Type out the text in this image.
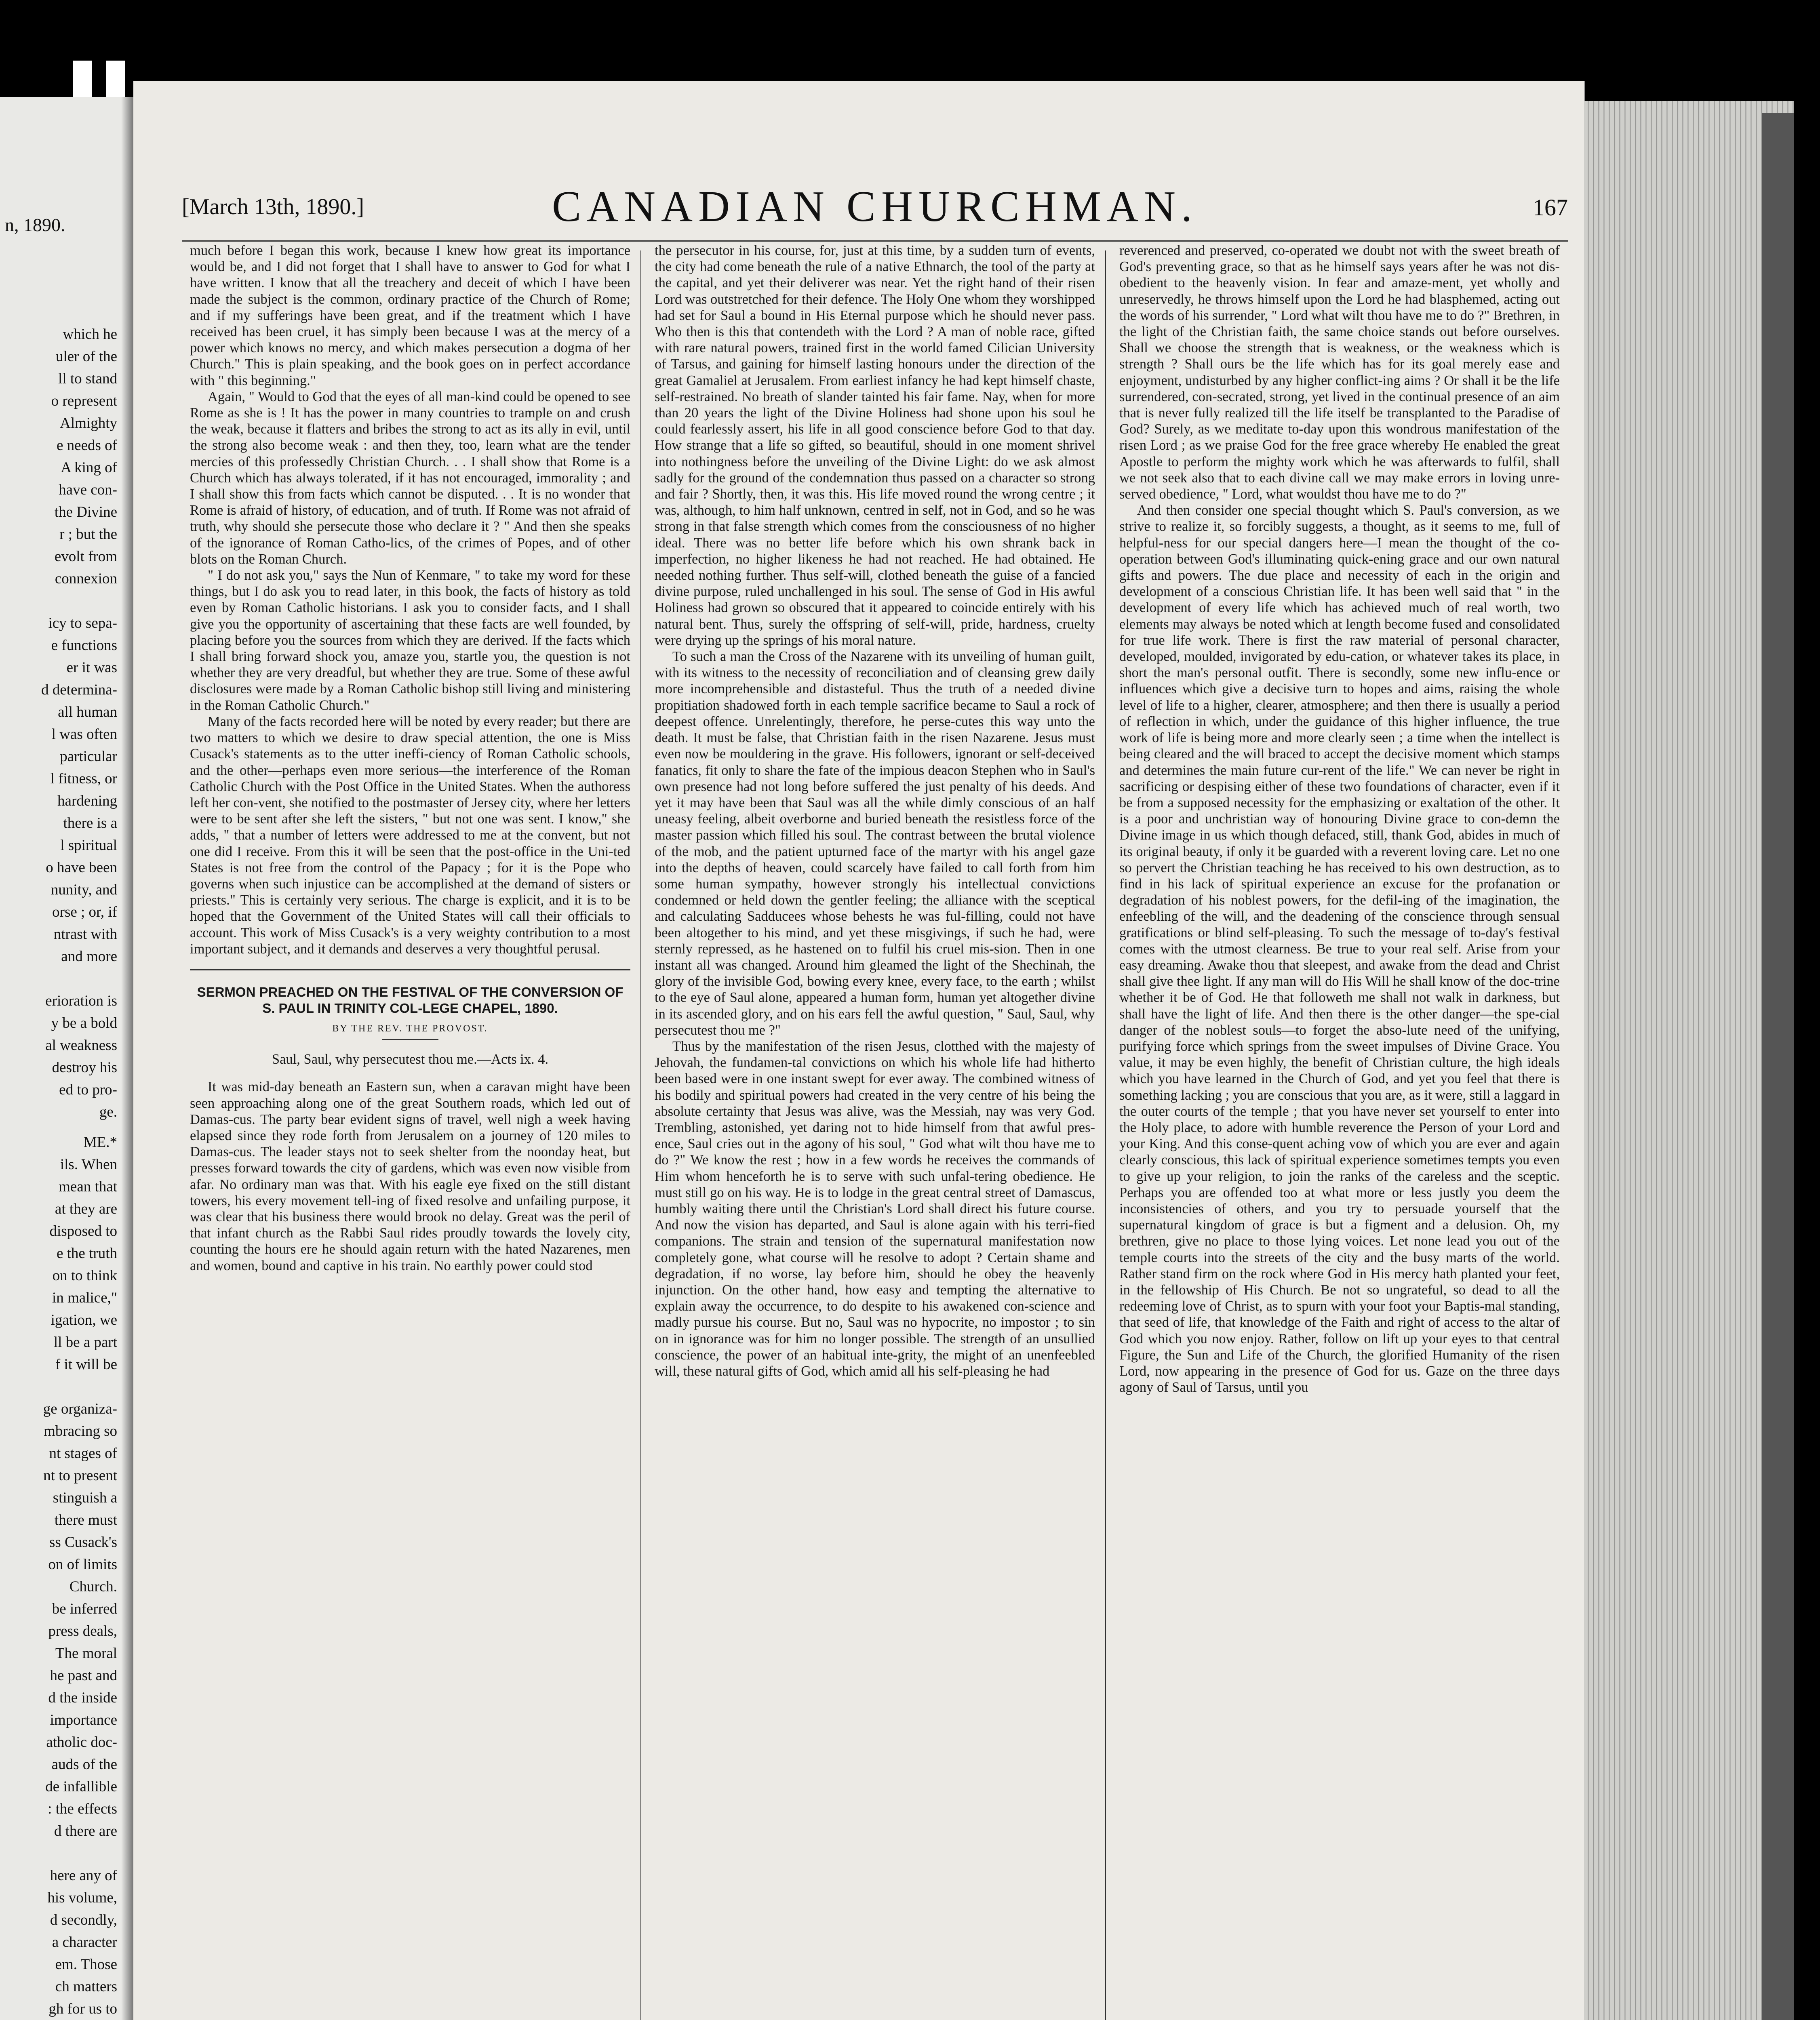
n, 1890.
which he
uler of the
ll to stand
o represent
Almighty
e needs of
A king of
have con-
the Divine
r ; but the
evolt from
connexion

icy to sepa-
e functions
er it was
d determina-
all human
l was often
particular
l fitness, or
hardening
there is a
l spiritual
o have been
nunity, and
orse ; or, if
ntrast with
and more

erioration is
y be a bold
al weakness
destroy his
ed to pro-
ge.
ME.*
ils. When
mean that
at they are
disposed to
e the truth
on to think
in malice,"
igation, we
ll be a part
f it will be

ge organiza-
mbracing so
nt stages of
nt to present
stinguish a
there must
ss Cusack's
on of limits
Church.
be inferred
press deals,
The moral
he past and
d the inside
importance
atholic doc-
auds of the
de infallible
: the effects
d there are

here any of
his volume,
d secondly,
a character
em. Those
ch matters
gh for us to

[March 13th, 1890.]	CANADIAN CHURCHMAN.	167

much before I began this work, because I knew how great its importance would be, and I did not forget that I shall have to answer to God for what I have written. I know that all the treachery and deceit of which I have been made the subject is the common, ordinary practice of the Church of Rome; and if my sufferings have been great, and if the treatment which I have received has been cruel, it has simply been because I was at the mercy of a power which knows no mercy, and which makes persecution a dogma of her Church." This is plain speaking, and the book goes on in perfect accordance with " this beginning."

Again, " Would to God that the eyes of all man-kind could be opened to see Rome as she is ! It has the power in many countries to trample on and crush the weak, because it flatters and bribes the strong to act as its ally in evil, until the strong also become weak : and then they, too, learn what are the tender mercies of this professedly Christian Church. . . I shall show that Rome is a Church which has always tolerated, if it has not encouraged, immorality ; and I shall show this from facts which cannot be disputed. . . It is no wonder that Rome is afraid of history, of education, and of truth. If Rome was not afraid of truth, why should she persecute those who declare it ? " And then she speaks of the ignorance of Roman Catho-lics, of the crimes of Popes, and of other blots on the Roman Church.

" I do not ask you," says the Nun of Kenmare, " to take my word for these things, but I do ask you to read later, in this book, the facts of history as told even by Roman Catholic historians. I ask you to consider facts, and I shall give you the opportunity of ascertaining that these facts are well founded, by placing before you the sources from which they are derived. If the facts which I shall bring forward shock you, amaze you, startle you, the question is not whether they are very dreadful, but whether they are true. Some of these awful disclosures were made by a Roman Catholic bishop still living and ministering in the Roman Catholic Church."

Many of the facts recorded here will be noted by every reader; but there are two matters to which we desire to draw special attention, the one is Miss Cusack's statements as to the utter ineffi-ciency of Roman Catholic schools, and the other—perhaps even more serious—the interference of the Roman Catholic Church with the Post Office in the United States. When the authoress left her con-vent, she notified to the postmaster of Jersey city, where her letters were to be sent after she left the sisters, " but not one was sent. I know," she adds, " that a number of letters were addressed to me at the convent, but not one did I receive. From this it will be seen that the post-office in the Uni-ted States is not free from the control of the Papacy ; for it is the Pope who governs when such injustice can be accomplished at the demand of sisters or priests." This is certainly very serious. The charge is explicit, and it is to be hoped that the Government of the United States will call their officials to account. This work of Miss Cusack's is a very weighty contribution to a most important subject, and it demands and deserves a very thoughtful perusal.

SERMON PREACHED ON THE FESTIVAL OF THE CONVERSION OF S. PAUL IN TRINITY COL-LEGE CHAPEL, 1890.
BY THE REV. THE PROVOST.

Saul, Saul, why persecutest thou me.—Acts ix. 4.

It was mid-day beneath an Eastern sun, when a caravan might have been seen approaching along one of the great Southern roads, which led out of Damas-cus. The party bear evident signs of travel, well nigh a week having elapsed since they rode forth from Jerusalem on a journey of 120 miles to Damas-cus. The leader stays not to seek shelter from the noonday heat, but presses forward towards the city of gardens, which was even now visible from afar. No ordinary man was that. With his eagle eye fixed on the still distant towers, his every movement tell-ing of fixed resolve and unfailing purpose, it was clear that his business there would brook no delay. Great was the peril of that infant church as the Rabbi Saul rides proudly towards the lovely city, counting the hours ere he should again return with the hated Nazarenes, men and women, bound and captive in his train. No earthly power could stod

the persecutor in his course, for, just at this time, by a sudden turn of events, the city had come beneath the rule of a native Ethnarch, the tool of the party at the capital, and yet their deliverer was near. Yet the right hand of their risen Lord was outstretched for their defence. The Holy One whom they worshipped had set for Saul a bound in His Eternal purpose which he should never pass. Who then is this that contendeth with the Lord ? A man of noble race, gifted with rare natural powers, trained first in the world famed Cilician University of Tarsus, and gaining for himself lasting honours under the direction of the great Gamaliel at Jerusalem. From earliest infancy he had kept himself chaste, self-restrained. No breath of slander tainted his fair fame. Nay, when for more than 20 years the light of the Divine Holiness had shone upon his soul he could fearlessly assert, his life in all good conscience before God to that day. How strange that a life so gifted, so beautiful, should in one moment shrivel into nothingness before the unveiling of the Divine Light: do we ask almost sadly for the ground of the condemnation thus passed on a character so strong and fair ? Shortly, then, it was this. His life moved round the wrong centre ; it was, although, to him half unknown, centred in self, not in God, and so he was strong in that false strength which comes from the consciousness of no higher ideal. There was no better life before which his own shrank back in imperfection, no higher likeness he had not reached. He had obtained. He needed nothing further. Thus self-will, clothed beneath the guise of a fancied divine purpose, ruled unchallenged in his soul. The sense of God in His awful Holiness had grown so obscured that it appeared to coincide entirely with his natural bent. Thus, surely the offspring of self-will, pride, hardness, cruelty were drying up the springs of his moral nature.

To such a man the Cross of the Nazarene with its unveiling of human guilt, with its witness to the necessity of reconciliation and of cleansing grew daily more incomprehensible and distasteful. Thus the truth of a needed divine propitiation shadowed forth in each temple sacrifice became to Saul a rock of deepest offence. Unrelentingly, therefore, he perse-cutes this way unto the death. It must be false, that Christian faith in the risen Nazarene. Jesus must even now be mouldering in the grave. His followers, ignorant or self-deceived fanatics, fit only to share the fate of the impious deacon Stephen who in Saul's own presence had not long before suffered the just penalty of his deeds. And yet it may have been that Saul was all the while dimly conscious of an half uneasy feeling, albeit overborne and buried beneath the resistless force of the master passion which filled his soul. The contrast between the brutal violence of the mob, and the patient upturned face of the martyr with his angel gaze into the depths of heaven, could scarcely have failed to call forth from him some human sympathy, however strongly his intellectual convictions condemned or held down the gentler feeling; the alliance with the sceptical and calculating Sadducees whose behests he was ful-filling, could not have been altogether to his mind, and yet these misgivings, if such he had, were sternly repressed, as he hastened on to fulfil his cruel mis-sion. Then in one instant all was changed. Around him gleamed the light of the Shechinah, the glory of the invisible God, bowing every knee, every face, to the earth ; whilst to the eye of Saul alone, appeared a human form, human yet altogether divine in its ascended glory, and on his ears fell the awful question, " Saul, Saul, why persecutest thou me ?"

Thus by the manifestation of the risen Jesus, clotthed with the majesty of Jehovah, the fundamen-tal convictions on which his whole life had hitherto been based were in one instant swept for ever away. The combined witness of his bodily and spiritual powers had created in the very centre of his being the absolute certainty that Jesus was alive, was the Messiah, nay was very God. Trembling, astonished, yet daring not to hide himself from that awful pres-ence, Saul cries out in the agony of his soul, " God what wilt thou have me to do ?" We know the rest ; how in a few words he receives the commands of Him whom henceforth he is to serve with such unfal-tering obedience. He must still go on his way. He is to lodge in the great central street of Damascus, humbly waiting there until the Christian's Lord shall direct his future course. And now the vision has departed, and Saul is alone again with his terri-fied companions. The strain and tension of the supernatural manifestation now completely gone, what course will he resolve to adopt ? Certain shame and degradation, if no worse, lay before him, should he obey the heavenly injunction. On the other hand, how easy and tempting the alternative to explain away the occurrence, to do despite to his awakened con-science and madly pursue his course. But no, Saul was no hypocrite, no impostor ; to sin on in ignorance was for him no longer possible. The strength of an unsullied conscience, the power of an habitual inte-grity, the might of an unenfeebled will, these natural gifts of God, which amid all his self-pleasing he had

reverenced and preserved, co-operated we doubt not with the sweet breath of God's preventing grace, so that as he himself says years after he was not dis-obedient to the heavenly vision. In fear and amaze-ment, yet wholly and unreservedly, he throws himself upon the Lord he had blasphemed, acting out the words of his surrender, " Lord what wilt thou have me to do ?" Brethren, in the light of the Christian faith, the same choice stands out before ourselves. Shall we choose the strength that is weakness, or the weakness which is strength ? Shall ours be the life which has for its goal merely ease and enjoyment, undisturbed by any higher conflict-ing aims ? Or shall it be the life surrendered, con-secrated, strong, yet lived in the continual presence of an aim that is never fully realized till the life itself be transplanted to the Paradise of God? Surely, as we meditate to-day upon this wondrous manifestation of the risen Lord ; as we praise God for the free grace whereby He enabled the great Apostle to perform the mighty work which he was afterwards to fulfil, shall we not seek also that to each divine call we may make errors in loving unre-served obedience, " Lord, what wouldst thou have me to do ?"

And then consider one special thought which S. Paul's conversion, as we strive to realize it, so forcibly suggests, a thought, as it seems to me, full of helpful-ness for our special dangers here—I mean the thought of the co-operation between God's illuminating quick-ening grace and our own natural gifts and powers. The due place and necessity of each in the origin and development of a conscious Christian life. It has been well said that " in the development of every life which has achieved much of real worth, two elements may always be noted which at length become fused and consolidated for true life work. There is first the raw material of personal character, developed, moulded, invigorated by edu-cation, or whatever takes its place, in short the man's personal outfit. There is secondly, some new influ-ence or influences which give a decisive turn to hopes and aims, raising the whole level of life to a higher, clearer, atmosphere; and then there is usually a period of reflection in which, under the guidance of this higher influence, the true work of life is being more and more clearly seen ; a time when the intellect is being cleared and the will braced to accept the decisive moment which stamps and determines the main future cur-rent of the life." We can never be right in sacrificing or despising either of these two foundations of character, even if it be from a supposed necessity for the emphasizing or exaltation of the other. It is a poor and unchristian way of honouring Divine grace to con-demn the Divine image in us which though defaced, still, thank God, abides in much of its original beauty, if only it be guarded with a reverent loving care. Let no one so pervert the Christian teaching he has received to his own destruction, as to find in his lack of spiritual experience an excuse for the profanation or degradation of his noblest powers, for the defil-ing of the imagination, the enfeebling of the will, and the deadening of the conscience through sensual gratifications or blind self-pleasing. To such the message of to-day's festival comes with the utmost clearness. Be true to your real self. Arise from your easy dreaming. Awake thou that sleepest, and awake from the dead and Christ shall give thee light. If any man will do His Will he shall know of the doc-trine whether it be of God. He that followeth me shall not walk in darkness, but shall have the light of life. And then there is the other danger—the spe-cial danger of the noblest souls—to forget the abso-lute need of the unifying, purifying force which springs from the sweet impulses of Divine Grace. You value, it may be even highly, the benefit of Christian culture, the high ideals which you have learned in the Church of God, and yet you feel that there is something lacking ; you are conscious that you are, as it were, still a laggard in the outer courts of the temple ; that you have never set yourself to enter into the Holy place, to adore with humble reverence the Person of your Lord and your King. And this conse-quent aching vow of which you are ever and again clearly conscious, this lack of spiritual experience sometimes tempts you even to give up your religion, to join the ranks of the careless and the sceptic. Perhaps you are offended too at what more or less justly you deem the inconsistencies of others, and you try to persuade yourself that the supernatural kingdom of grace is but a figment and a delusion. Oh, my brethren, give no place to those lying voices. Let none lead you out of the temple courts into the streets of the city and the busy marts of the world. Rather stand firm on the rock where God in His mercy hath planted your feet, in the fellowship of His Church. Be not so ungrateful, so dead to all the redeeming love of Christ, as to spurn with your foot your Baptis-mal standing, that seed of life, that knowledge of the Faith and right of access to the altar of God which you now enjoy. Rather, follow on lift up your eyes to that central Figure, the Sun and Life of the Church, the glorified Humanity of the risen Lord, now appearing in the presence of God for us. Gaze on the three days agony of Saul of Tarsus, until you
